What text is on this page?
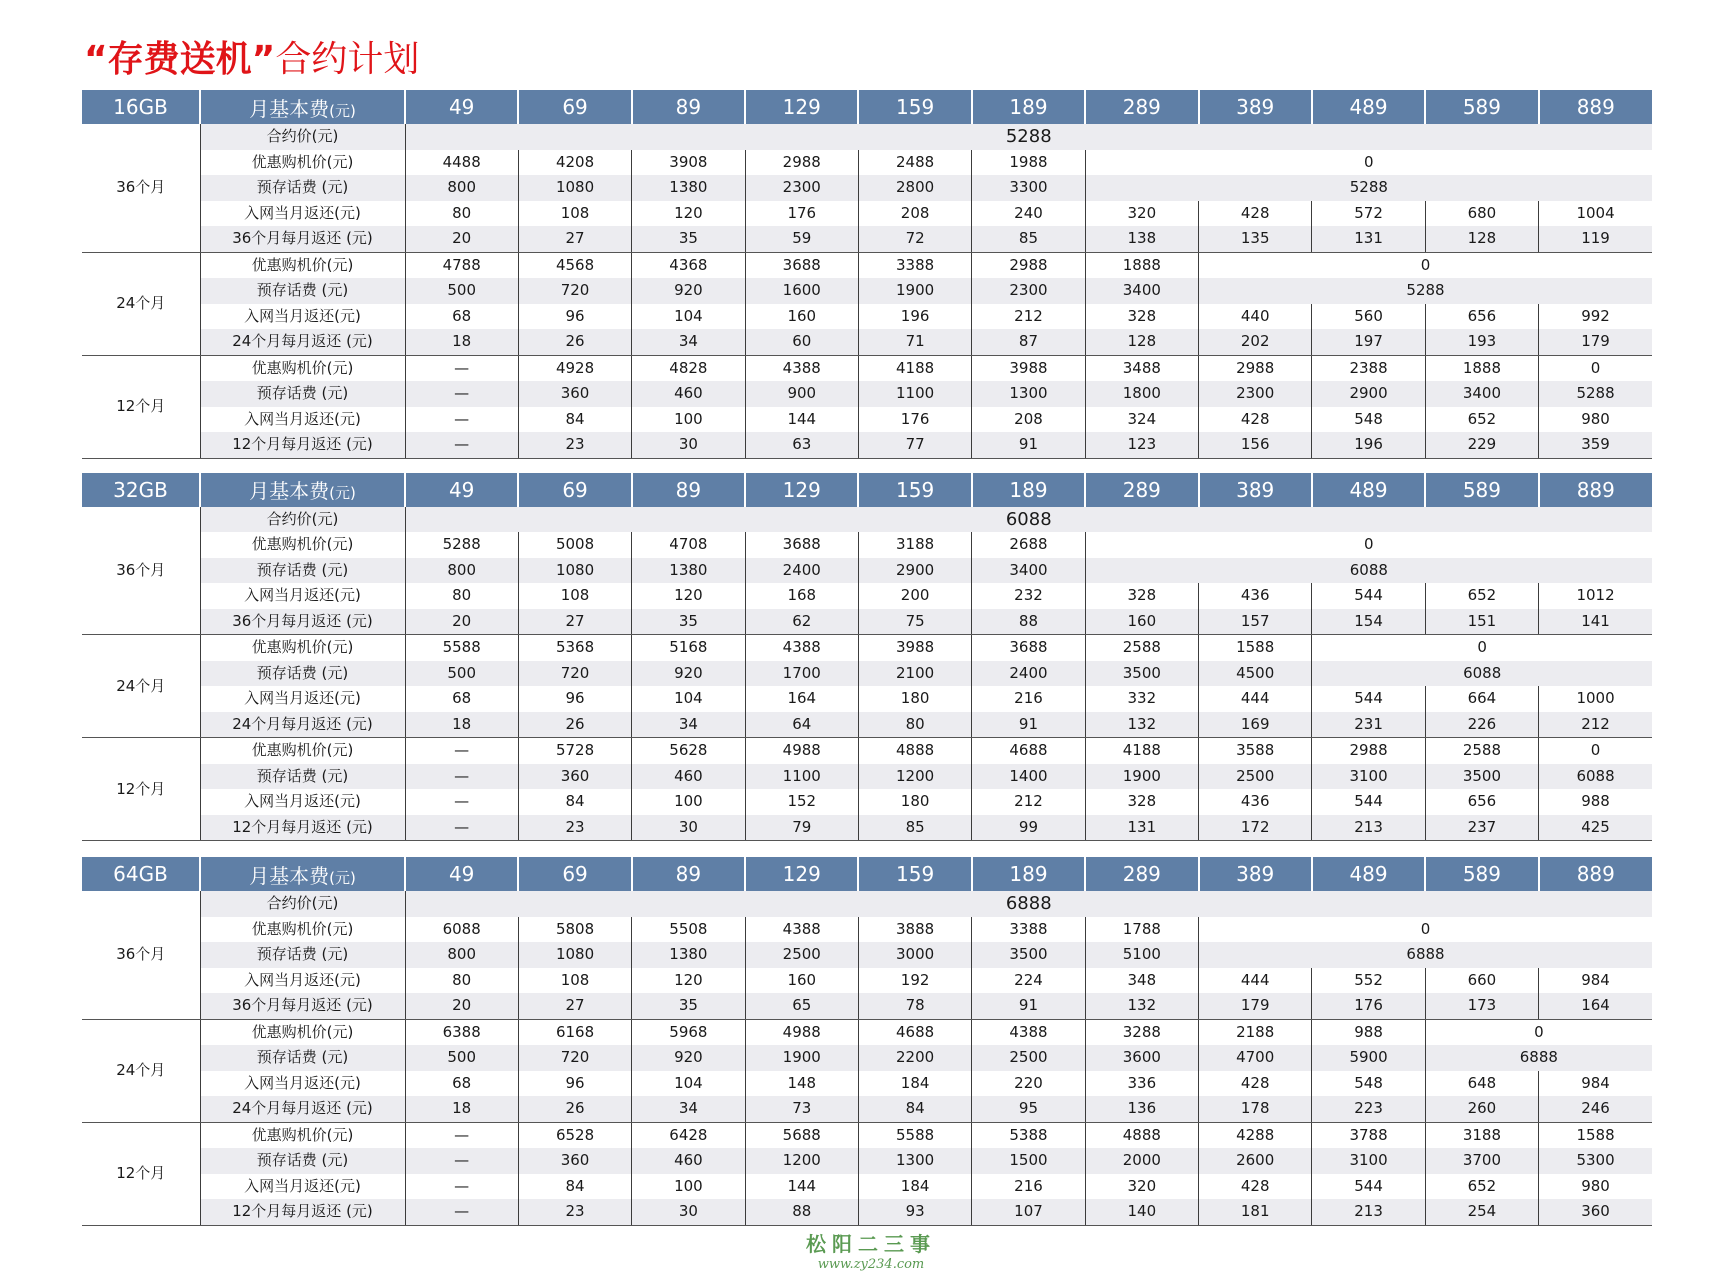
“存费送机”合约计划
16GB	月基本费(元)	49	69	89	129	159	189	289	389	489	589	889
36个月	合约价(元)	5288										
	优惠购机价(元)	4488	4208	3908	2988	2488	1988	0				
	预存话费 (元)	800	1080	1380	2300	2800	3300	5288				
	入网当月返还(元)	80	108	120	176	208	240	320	428	572	680	1004
	36个月每月返还 (元)	20	27	35	59	72	85	138	135	131	128	119
24个月	优惠购机价(元)	4788	4568	4368	3688	3388	2988	1888	0			
	预存话费 (元)	500	720	920	1600	1900	2300	3400	5288			
	入网当月返还(元)	68	96	104	160	196	212	328	440	560	656	992
	24个月每月返还 (元)	18	26	34	60	71	87	128	202	197	193	179
12个月	优惠购机价(元)	—	4928	4828	4388	4188	3988	3488	2988	2388	1888	0
	预存话费 (元)	—	360	460	900	1100	1300	1800	2300	2900	3400	5288
	入网当月返还(元)	—	84	100	144	176	208	324	428	548	652	980
	12个月每月返还 (元)	—	23	30	63	77	91	123	156	196	229	359
32GB	月基本费(元)	49	69	89	129	159	189	289	389	489	589	889
36个月	合约价(元)	6088										
	优惠购机价(元)	5288	5008	4708	3688	3188	2688	0				
	预存话费 (元)	800	1080	1380	2400	2900	3400	6088				
	入网当月返还(元)	80	108	120	168	200	232	328	436	544	652	1012
	36个月每月返还 (元)	20	27	35	62	75	88	160	157	154	151	141
24个月	优惠购机价(元)	5588	5368	5168	4388	3988	3688	2588	1588	0		
	预存话费 (元)	500	720	920	1700	2100	2400	3500	4500	6088		
	入网当月返还(元)	68	96	104	164	180	216	332	444	544	664	1000
	24个月每月返还 (元)	18	26	34	64	80	91	132	169	231	226	212
12个月	优惠购机价(元)	—	5728	5628	4988	4888	4688	4188	3588	2988	2588	0
	预存话费 (元)	—	360	460	1100	1200	1400	1900	2500	3100	3500	6088
	入网当月返还(元)	—	84	100	152	180	212	328	436	544	656	988
	12个月每月返还 (元)	—	23	30	79	85	99	131	172	213	237	425
64GB	月基本费(元)	49	69	89	129	159	189	289	389	489	589	889
36个月	合约价(元)	6888										
	优惠购机价(元)	6088	5808	5508	4388	3888	3388	1788	0			
	预存话费 (元)	800	1080	1380	2500	3000	3500	5100	6888			
	入网当月返还(元)	80	108	120	160	192	224	348	444	552	660	984
	36个月每月返还 (元)	20	27	35	65	78	91	132	179	176	173	164
24个月	优惠购机价(元)	6388	6168	5968	4988	4688	4388	3288	2188	988	0	
	预存话费 (元)	500	720	920	1900	2200	2500	3600	4700	5900	6888	
	入网当月返还(元)	68	96	104	148	184	220	336	428	548	648	984
	24个月每月返还 (元)	18	26	34	73	84	95	136	178	223	260	246
12个月	优惠购机价(元)	—	6528	6428	5688	5588	5388	4888	4288	3788	3188	1588
	预存话费 (元)	—	360	460	1200	1300	1500	2000	2600	3100	3700	5300
	入网当月返还(元)	—	84	100	144	184	216	320	428	544	652	980
	12个月每月返还 (元)	—	23	30	88	93	107	140	181	213	254	360
松阳二三事
www.zy234.com
